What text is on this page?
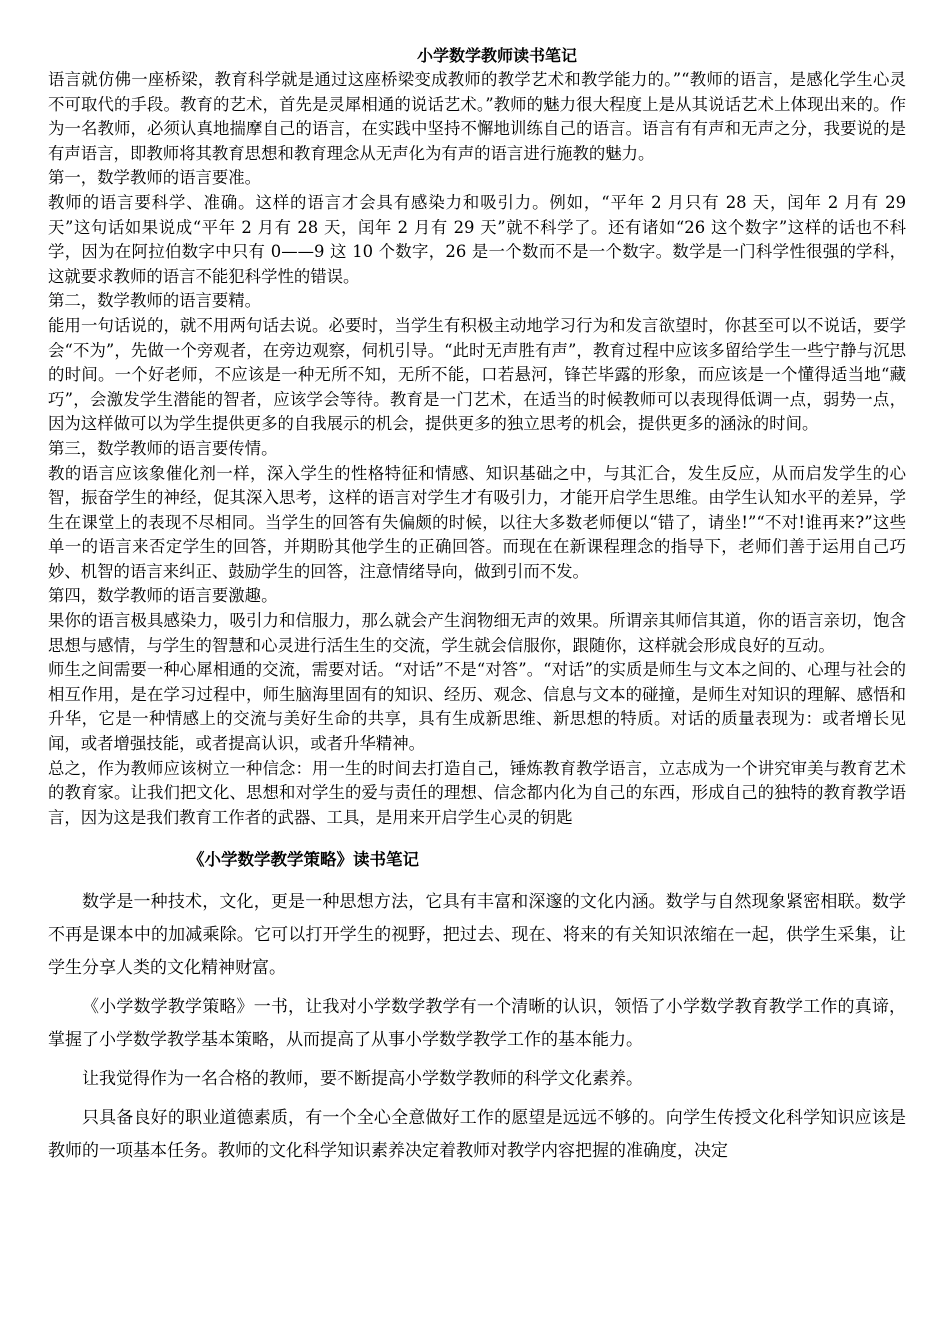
小学数学教师读书笔记

语言就仿佛一座桥梁，教育科学就是通过这座桥梁变成教师的教学艺术和教学能力的。”“教师的语言，是感化学生心灵不可取代的手段。教育的艺术，首先是灵犀相通的说话艺术。”教师的魅力很大程度上是从其说话艺术上体现出来的。作为一名教师，必须认真地揣摩自己的语言，在实践中坚持不懈地训练自己的语言。语言有有声和无声之分，我要说的是有声语言，即教师将其教育思想和教育理念从无声化为有声的语言进行施教的魅力。

第一，数学教师的语言要准。

教师的语言要科学、准确。这样的语言才会具有感染力和吸引力。例如，“平年 2 月只有 28 天，闰年 2 月有 29 天”这句话如果说成“平年 2 月有 28 天，闰年 2 月有 29 天”就不科学了。还有诸如“26 这个数字”这样的话也不科学，因为在阿拉伯数字中只有 0——9 这 10 个数字，26 是一个数而不是一个数字。数学是一门科学性很强的学科，这就要求教师的语言不能犯科学性的错误。

第二，数学教师的语言要精。

能用一句话说的，就不用两句话去说。必要时，当学生有积极主动地学习行为和发言欲望时，你甚至可以不说话，要学会“不为”，先做一个旁观者，在旁边观察，伺机引导。“此时无声胜有声”，教育过程中应该多留给学生一些宁静与沉思的时间。一个好老师，不应该是一种无所不知，无所不能，口若悬河，锋芒毕露的形象，而应该是一个懂得适当地“藏巧”，会激发学生潜能的智者，应该学会等待。教育是一门艺术，在适当的时候教师可以表现得低调一点，弱势一点，因为这样做可以为学生提供更多的自我展示的机会，提供更多的独立思考的机会，提供更多的涵泳的时间。

第三，数学教师的语言要传情。

教的语言应该象催化剂一样，深入学生的性格特征和情感、知识基础之中，与其汇合，发生反应，从而启发学生的心智，振奋学生的神经，促其深入思考，这样的语言对学生才有吸引力，才能开启学生思维。由学生认知水平的差异，学生在课堂上的表现不尽相同。当学生的回答有失偏颇的时候，以往大多数老师便以“错了，请坐!”“不对!谁再来?”这些单一的语言来否定学生的回答，并期盼其他学生的正确回答。而现在在新课程理念的指导下，老师们善于运用自己巧妙、机智的语言来纠正、鼓励学生的回答，注意情绪导向，做到引而不发。

第四，数学教师的语言要激趣。

果你的语言极具感染力，吸引力和信服力，那么就会产生润物细无声的效果。所谓亲其师信其道，你的语言亲切，饱含思想与感情，与学生的智慧和心灵进行活生生的交流，学生就会信服你，跟随你，这样就会形成良好的互动。

师生之间需要一种心犀相通的交流，需要对话。“对话”不是“对答”。“对话”的实质是师生与文本之间的、心理与社会的相互作用，是在学习过程中，师生脑海里固有的知识、经历、观念、信息与文本的碰撞，是师生对知识的理解、感悟和升华，它是一种情感上的交流与美好生命的共享，具有生成新思维、新思想的特质。对话的质量表现为：或者增长见闻，或者增强技能，或者提高认识，或者升华精神。

总之，作为教师应该树立一种信念：用一生的时间去打造自己，锤炼教育教学语言，立志成为一个讲究审美与教育艺术的教育家。让我们把文化、思想和对学生的爱与责任的理想、信念都内化为自己的东西，形成自己的独特的教育教学语言，因为这是我们教育工作者的武器、工具，是用来开启学生心灵的钥匙

《小学数学教学策略》读书笔记

数学是一种技术，文化，更是一种思想方法，它具有丰富和深邃的文化内涵。数学与自然现象紧密相联。数学不再是课本中的加减乘除。它可以打开学生的视野，把过去、现在、将来的有关知识浓缩在一起，供学生采集，让学生分享人类的文化精神财富。

《小学数学教学策略》一书，让我对小学数学教学有一个清晰的认识，领悟了小学数学教育教学工作的真谛，掌握了小学数学教学基本策略，从而提高了从事小学数学教学工作的基本能力。

让我觉得作为一名合格的教师，要不断提高小学数学教师的科学文化素养。

只具备良好的职业道德素质，有一个全心全意做好工作的愿望是远远不够的。向学生传授文化科学知识应该是教师的一项基本任务。教师的文化科学知识素养决定着教师对教学内容把握的准确度，决定
